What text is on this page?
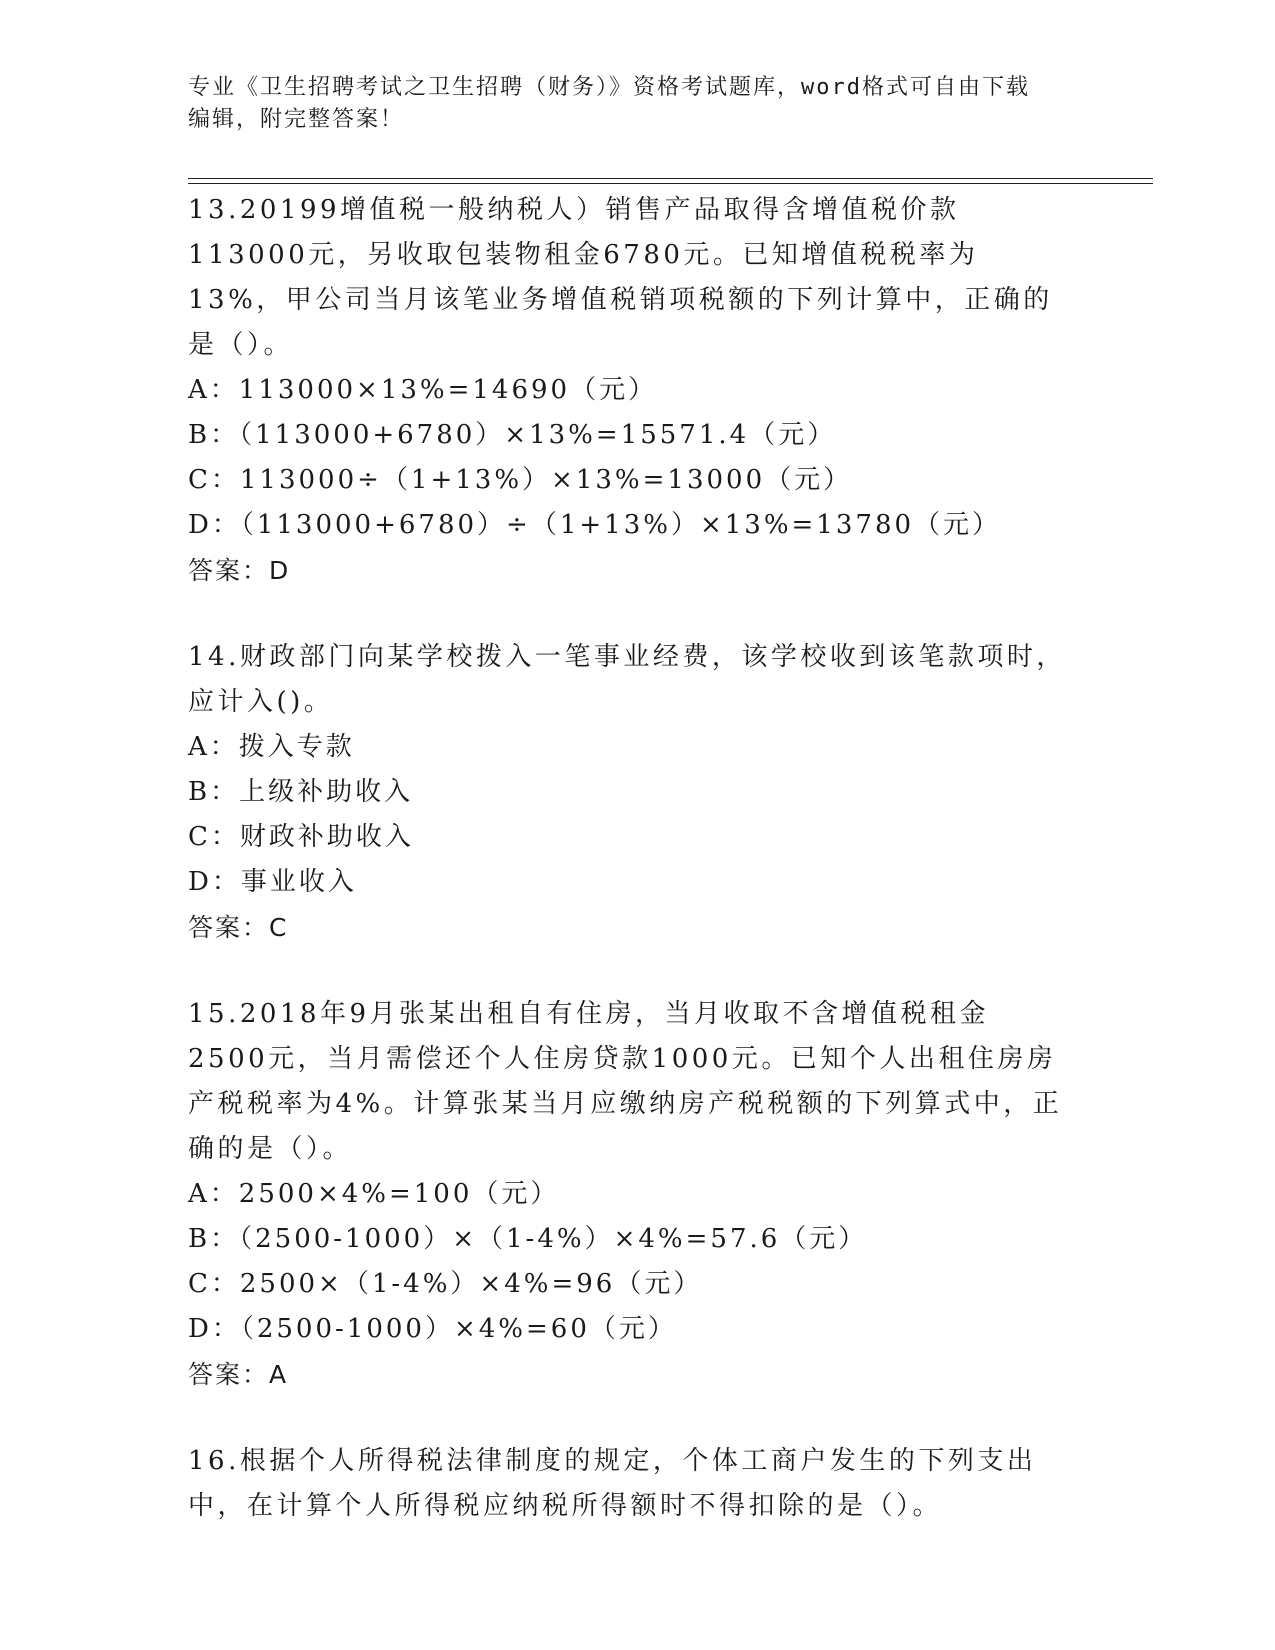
专业《卫生招聘考试之卫生招聘（财务）》资格考试题库，word格式可自由下载
编辑，附完整答案！

13.20199增值税一般纳税人）销售产品取得含增值税价款113000元，另收取包装物租金6780元。已知增值税税率为13%，甲公司当月该笔业务增值税销项税额的下列计算中，正确的是（）。

A：113000×13%=14690（元）

B：（113000+6780）×13%=15571.4（元）

C：113000÷（1+13%）×13%=13000（元）

D：（113000+6780）÷（1+13%）×13%=13780（元）

答案：D

14.财政部门向某学校拨入一笔事业经费，该学校收到该笔款项时，应计入()。

A：拨入专款

B：上级补助收入

C：财政补助收入

D：事业收入

答案：C

15.2018年9月张某出租自有住房，当月收取不含增值税租金2500元，当月需偿还个人住房贷款1000元。已知个人出租住房房产税税率为4%。计算张某当月应缴纳房产税税额的下列算式中，正确的是（）。

A：2500×4%=100（元）

B：（2500-1000）×（1-4%）×4%=57.6（元）

C：2500×（1-4%）×4%=96（元）

D：（2500-1000）×4%=60（元）

答案：A

16.根据个人所得税法律制度的规定，个体工商户发生的下列支出中，在计算个人所得税应纳税所得额时不得扣除的是（）。
